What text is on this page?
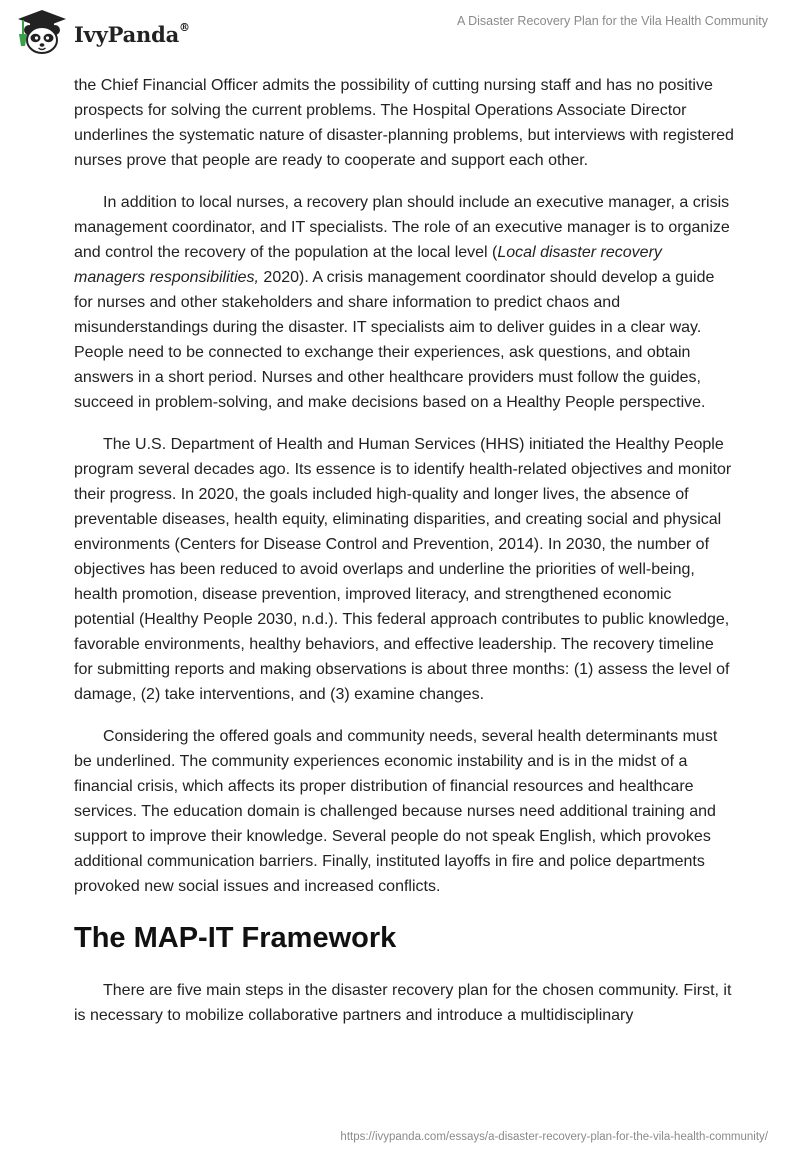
IvyPanda®	A Disaster Recovery Plan for the Vila Health Community

the Chief Financial Officer admits the possibility of cutting nursing staff and has no positive prospects for solving the current problems. The Hospital Operations Associate Director underlines the systematic nature of disaster-planning problems, but interviews with registered nurses prove that people are ready to cooperate and support each other.

In addition to local nurses, a recovery plan should include an executive manager, a crisis management coordinator, and IT specialists. The role of an executive manager is to organize and control the recovery of the population at the local level (Local disaster recovery managers responsibilities, 2020). A crisis management coordinator should develop a guide for nurses and other stakeholders and share information to predict chaos and misunderstandings during the disaster. IT specialists aim to deliver guides in a clear way. People need to be connected to exchange their experiences, ask questions, and obtain answers in a short period. Nurses and other healthcare providers must follow the guides, succeed in problem-solving, and make decisions based on a Healthy People perspective.

The U.S. Department of Health and Human Services (HHS) initiated the Healthy People program several decades ago. Its essence is to identify health-related objectives and monitor their progress. In 2020, the goals included high-quality and longer lives, the absence of preventable diseases, health equity, eliminating disparities, and creating social and physical environments (Centers for Disease Control and Prevention, 2014). In 2030, the number of objectives has been reduced to avoid overlaps and underline the priorities of well-being, health promotion, disease prevention, improved literacy, and strengthened economic potential (Healthy People 2030, n.d.). This federal approach contributes to public knowledge, favorable environments, healthy behaviors, and effective leadership. The recovery timeline for submitting reports and making observations is about three months: (1) assess the level of damage, (2) take interventions, and (3) examine changes.

Considering the offered goals and community needs, several health determinants must be underlined. The community experiences economic instability and is in the midst of a financial crisis, which affects its proper distribution of financial resources and healthcare services. The education domain is challenged because nurses need additional training and support to improve their knowledge. Several people do not speak English, which provokes additional communication barriers. Finally, instituted layoffs in fire and police departments provoked new social issues and increased conflicts.

The MAP-IT Framework

There are five main steps in the disaster recovery plan for the chosen community. First, it is necessary to mobilize collaborative partners and introduce a multidisciplinary

https://ivypanda.com/essays/a-disaster-recovery-plan-for-the-vila-health-community/
